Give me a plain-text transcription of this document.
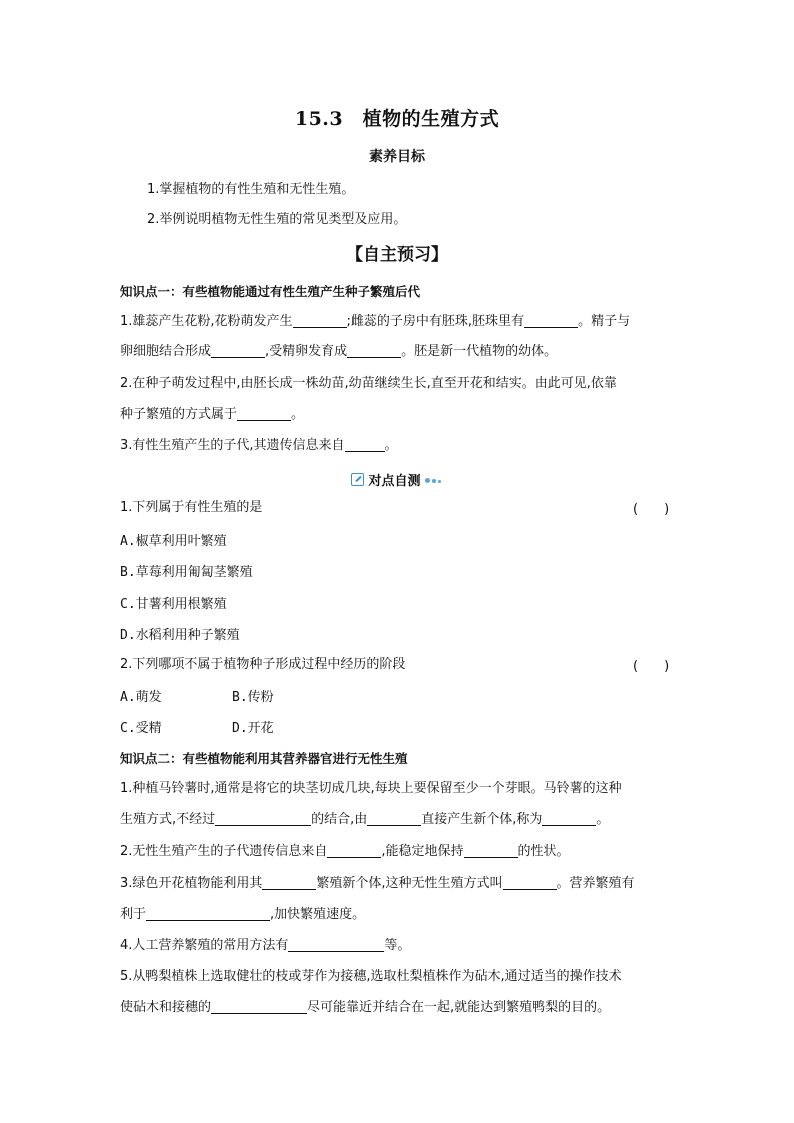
15.3　植物的生殖方式
素养目标
1.掌握植物的有性生殖和无性生殖。
2.举例说明植物无性生殖的常见类型及应用。
【自主预习】
知识点一：有些植物能通过有性生殖产生种子繁殖后代
1.雄蕊产生花粉,花粉萌发产生	;雌蕊的子房中有胚珠,胚珠里有	。精子与
卵细胞结合形成	,受精卵发育成	。胚是新一代植物的幼体。
2.在种子萌发过程中,由胚长成一株幼苗,幼苗继续生长,直至开花和结实。由此可见,依靠
种子繁殖的方式属于	。
3.有性生殖产生的子代,其遗传信息来自	。
对点自测
1.下列属于有性生殖的是	(　　)
A.椒草利用叶繁殖
B.草莓利用匍匐茎繁殖
C.甘薯利用根繁殖
D.水稻利用种子繁殖
2.下列哪项不属于植物种子形成过程中经历的阶段	(　　)
A.萌发	B.传粉
C.受精	D.开花
知识点二：有些植物能利用其营养器官进行无性生殖
1.种植马铃薯时,通常是将它的块茎切成几块,每块上要保留至少一个芽眼。马铃薯的这种
生殖方式,不经过	的结合,由	直接产生新个体,称为	。
2.无性生殖产生的子代遗传信息来自	,能稳定地保持	的性状。
3.绿色开花植物能利用其	繁殖新个体,这种无性生殖方式叫	。营养繁殖有
利于	,加快繁殖速度。
4.人工营养繁殖的常用方法有	等。
5.从鸭梨植株上选取健壮的枝或芽作为接穗,选取杜梨植株作为砧木,通过适当的操作技术
使砧木和接穗的	尽可能靠近并结合在一起,就能达到繁殖鸭梨的目的。
